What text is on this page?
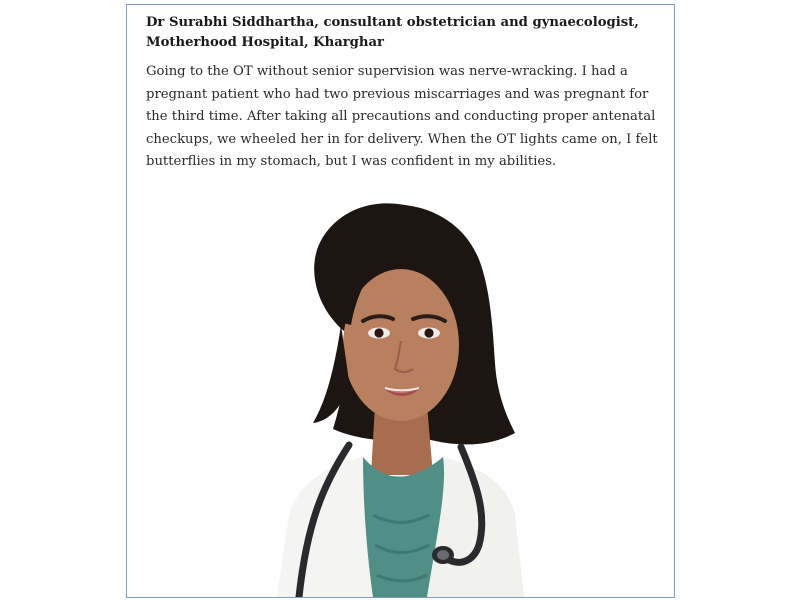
Dr Surabhi Siddhartha, consultant obstetrician and gynaecologist,
Motherhood Hospital, Kharghar
Going to the OT without senior supervision was nerve-wracking. I had a pregnant patient who had two previous miscarriages and was pregnant for the third time. After taking all precautions and conducting proper antenatal checkups, we wheeled her in for delivery. When the OT lights came on, I felt butterflies in my stomach, but I was confident in my abilities.
